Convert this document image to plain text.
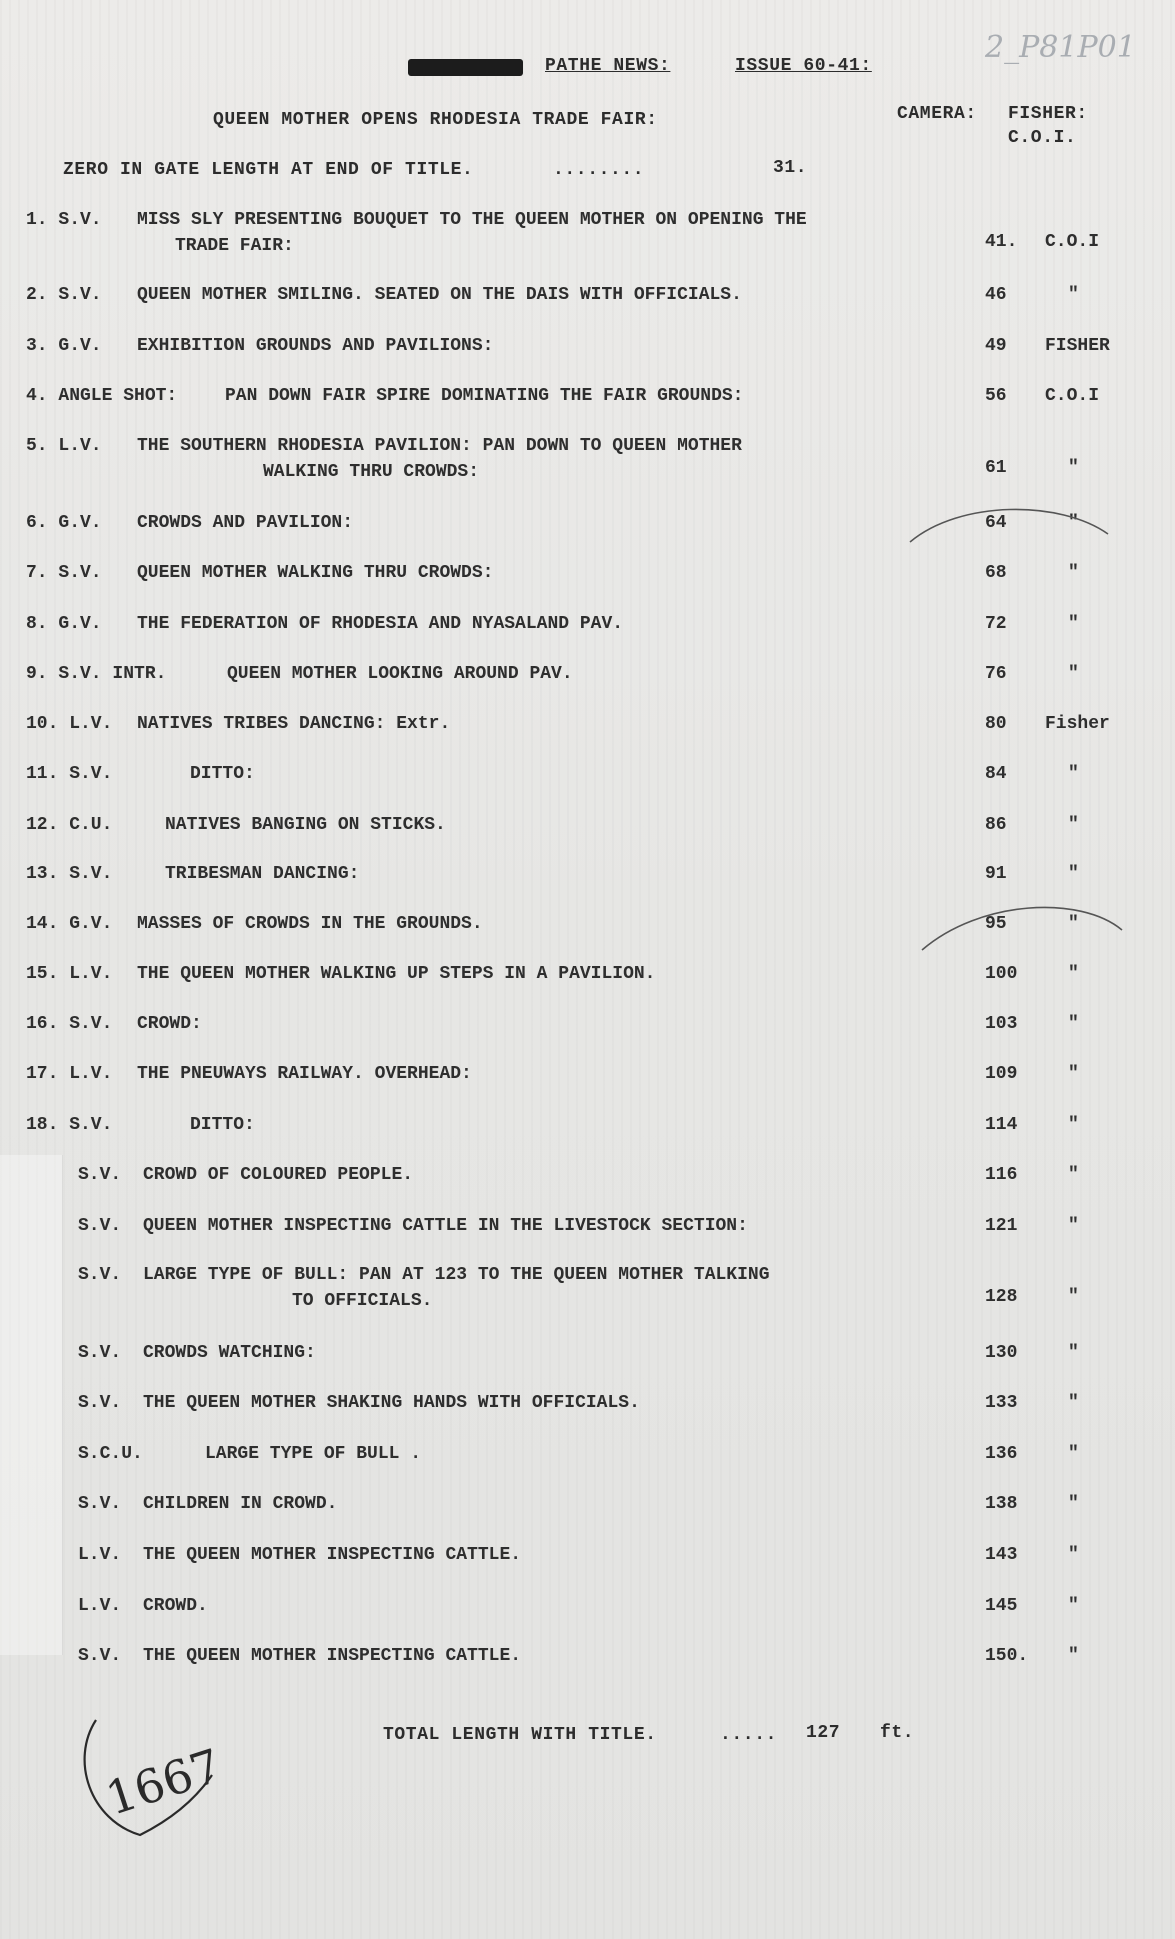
2_P81P01
PATHE NEWS:	ISSUE 60-41:
QUEEN MOTHER OPENS RHODESIA TRADE FAIR:	CAMERA: FISHER:
C.O.I.
ZERO IN GATE LENGTH AT END OF TITLE.	........	31.
1. S.V. MISS SLY PRESENTING BOUQUET TO THE QUEEN MOTHER ON OPENING THE
TRADE FAIR:	41. C.O.I
2. S.V. QUEEN MOTHER SMILING. SEATED ON THE DAIS WITH OFFICIALS.	46	"
3. G.V. EXHIBITION GROUNDS AND PAVILIONS:	49 FISHER
4. ANGLE SHOT:	PAN DOWN FAIR SPIRE DOMINATING THE FAIR GROUNDS:	56 C.O.I
5. L.V. THE SOUTHERN RHODESIA PAVILION: PAN DOWN TO QUEEN MOTHER
WALKING THRU CROWDS:	61	"
6. G.V. CROWDS AND PAVILION:	64	"
7. S.V. QUEEN MOTHER WALKING THRU CROWDS:	68	"
8. G.V. THE FEDERATION OF RHODESIA AND NYASALAND PAV.	72	"
9. S.V. INTR.	QUEEN MOTHER LOOKING AROUND PAV.	76	"
10. L.V. NATIVES TRIBES DANCING: Extr.	80 Fisher
11. S.V.	DITTO:	84	"
12. C.U.	NATIVES BANGING ON STICKS.	86	"
13. S.V.	TRIBESMAN DANCING:	91	"
14. G.V. MASSES OF CROWDS IN THE GROUNDS.	95	"
15. L.V. THE QUEEN MOTHER WALKING UP STEPS IN A PAVILION.	100	"
16. S.V. CROWD:	103	"
17. L.V. THE PNEUWAYS RAILWAY. OVERHEAD:	109	"
18. S.V.	DITTO:	114	"
S.V. CROWD OF COLOURED PEOPLE.	116	"
S.V. QUEEN MOTHER INSPECTING CATTLE IN THE LIVESTOCK SECTION:	121	"
S.V. LARGE TYPE OF BULL: PAN AT 123 TO THE QUEEN MOTHER TALKING
TO OFFICIALS.	128	"
S.V. CROWDS WATCHING:	130	"
S.V. THE QUEEN MOTHER SHAKING HANDS WITH OFFICIALS.	133	"
S.C.U.	LARGE TYPE OF BULL .	136	"
S.V. CHILDREN IN CROWD.	138	"
L.V. THE QUEEN MOTHER INSPECTING CATTLE.	143	"
L.V. CROWD.	145	"
S.V. THE QUEEN MOTHER INSPECTING CATTLE.	150. "
TOTAL LENGTH WITH TITLE.	..... 127 ft.
1667
